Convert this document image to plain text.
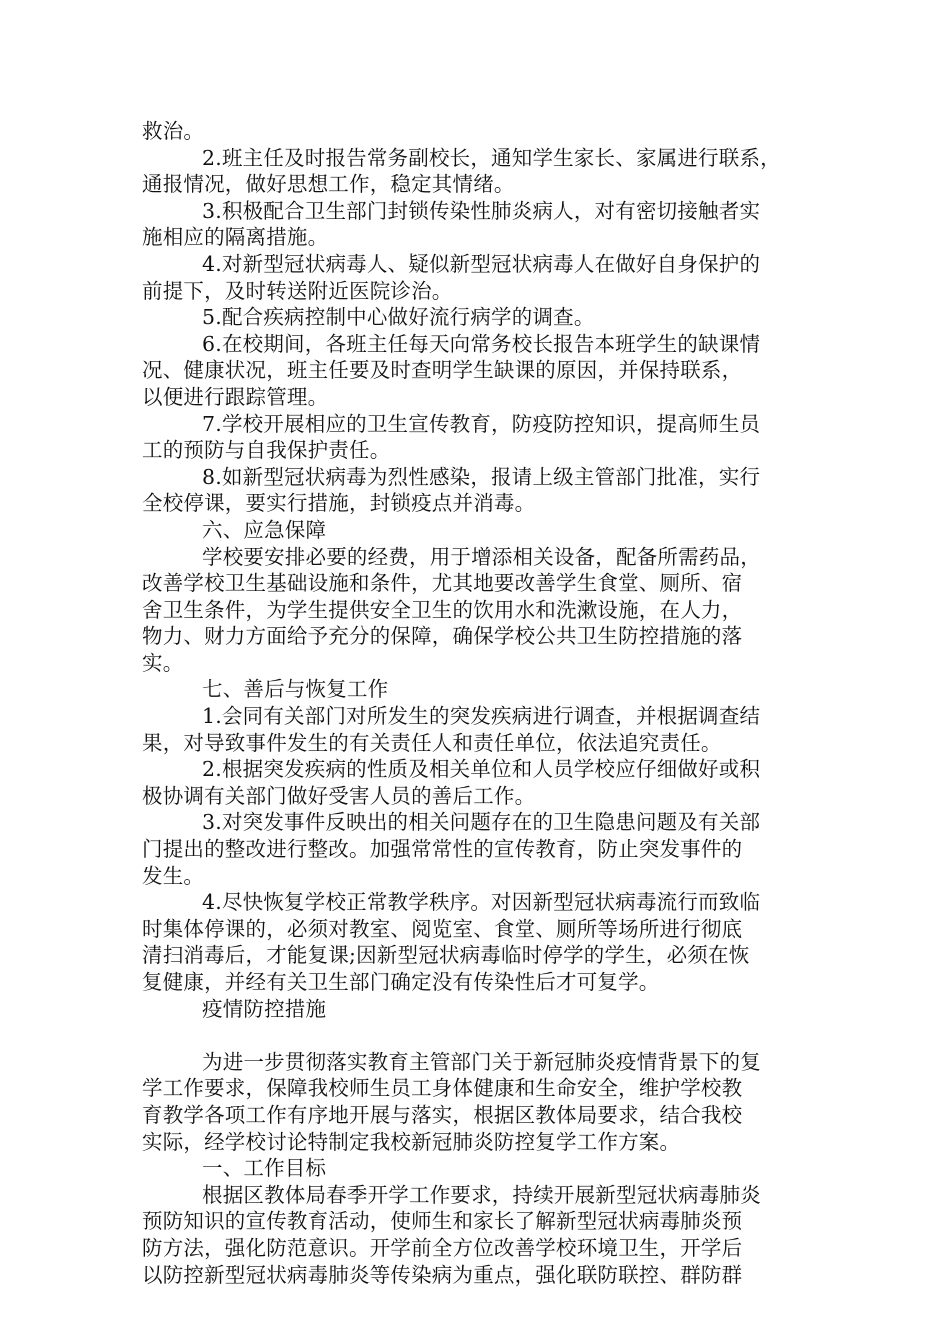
救治。
2.班主任及时报告常务副校长，通知学生家长、家属进行联系，
通报情况，做好思想工作，稳定其情绪。
3.积极配合卫生部门封锁传染性肺炎病人，对有密切接触者实
施相应的隔离措施。
4.对新型冠状病毒人、疑似新型冠状病毒人在做好自身保护的
前提下，及时转送附近医院诊治。
5.配合疾病控制中心做好流行病学的调查。
6.在校期间，各班主任每天向常务校长报告本班学生的缺课情
况、健康状况，班主任要及时查明学生缺课的原因，并保持联系，
以便进行跟踪管理。
7.学校开展相应的卫生宣传教育，防疫防控知识，提高师生员
工的预防与自我保护责任。
8.如新型冠状病毒为烈性感染，报请上级主管部门批准，实行
全校停课，要实行措施，封锁疫点并消毒。
六、应急保障
学校要安排必要的经费，用于增添相关设备，配备所需药品，
改善学校卫生基础设施和条件，尤其地要改善学生食堂、厕所、宿
舍卫生条件，为学生提供安全卫生的饮用水和洗漱设施，在人力，
物力、财力方面给予充分的保障，确保学校公共卫生防控措施的落
实。
七、善后与恢复工作
1.会同有关部门对所发生的突发疾病进行调查，并根据调查结
果，对导致事件发生的有关责任人和责任单位，依法追究责任。
2.根据突发疾病的性质及相关单位和人员学校应仔细做好或积
极协调有关部门做好受害人员的善后工作。
3.对突发事件反映出的相关问题存在的卫生隐患问题及有关部
门提出的整改进行整改。加强常常性的宣传教育，防止突发事件的
发生。
4.尽快恢复学校正常教学秩序。对因新型冠状病毒流行而致临
时集体停课的，必须对教室、阅览室、食堂、厕所等场所进行彻底
清扫消毒后，才能复课;因新型冠状病毒临时停学的学生，必须在恢
复健康，并经有关卫生部门确定没有传染性后才可复学。
疫情防控措施
为进一步贯彻落实教育主管部门关于新冠肺炎疫情背景下的复
学工作要求，保障我校师生员工身体健康和生命安全，维护学校教
育教学各项工作有序地开展与落实，根据区教体局要求，结合我校
实际，经学校讨论特制定我校新冠肺炎防控复学工作方案。
一、工作目标
根据区教体局春季开学工作要求，持续开展新型冠状病毒肺炎
预防知识的宣传教育活动，使师生和家长了解新型冠状病毒肺炎预
防方法，强化防范意识。开学前全方位改善学校环境卫生，开学后
以防控新型冠状病毒肺炎等传染病为重点，强化联防联控、群防群
